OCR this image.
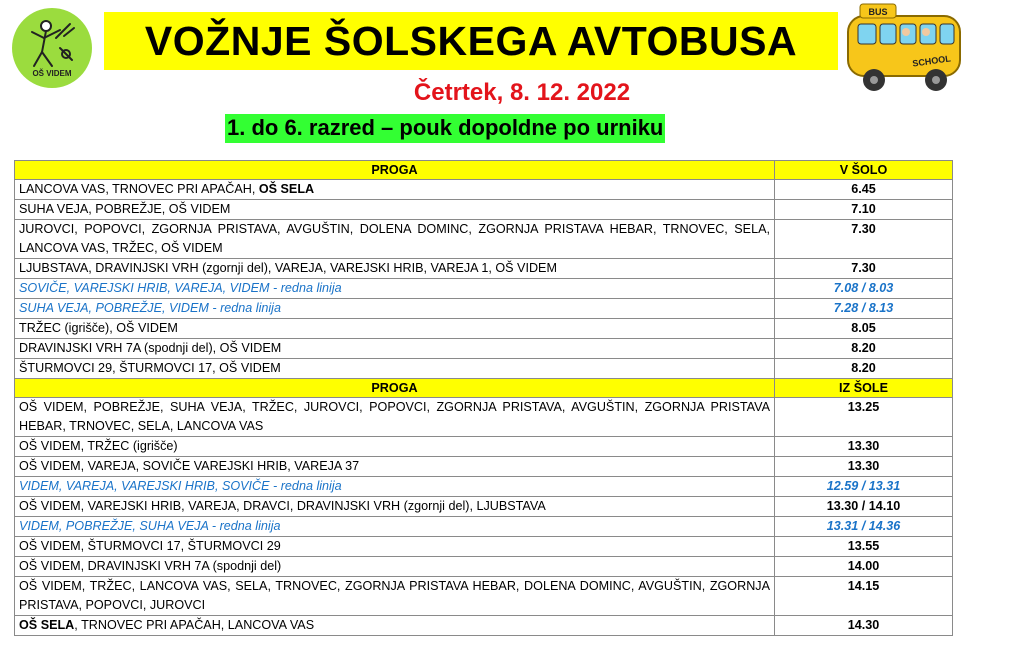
OŠ VIDEM
VOŽNJE ŠOLSKEGA AVTOBUSA
BUS
SCHOOL
Četrtek, 8. 12. 2022
1. do 6. razred – pouk dopoldne po urniku
PROGA	V ŠOLO
LANCOVA VAS, TRNOVEC PRI APAČAH, OŠ SELA	6.45
SUHA VEJA, POBREŽJE, OŠ VIDEM	7.10
JUROVCI, POPOVCI, ZGORNJA PRISTAVA, AVGUŠTIN, DOLENA DOMINC, ZGORNJA PRISTAVA HEBAR, TRNOVEC, SELA, LANCOVA VAS, TRŽEC, OŠ VIDEM	7.30
LJUBSTAVA, DRAVINJSKI VRH (zgornji del), VAREJA, VAREJSKI HRIB, VAREJA 1, OŠ VIDEM	7.30
SOVIČE, VAREJSKI HRIB, VAREJA, VIDEM - redna linija	7.08 / 8.03
SUHA VEJA, POBREŽJE, VIDEM - redna linija	7.28 / 8.13
TRŽEC (igrišče), OŠ VIDEM	8.05
DRAVINJSKI VRH 7A (spodnji del), OŠ VIDEM	8.20
ŠTURMOVCI 29, ŠTURMOVCI 17, OŠ VIDEM	8.20
PROGA	IZ ŠOLE
OŠ VIDEM, POBREŽJE, SUHA VEJA, TRŽEC, JUROVCI, POPOVCI, ZGORNJA PRISTAVA, AVGUŠTIN, ZGORNJA PRISTAVA HEBAR, TRNOVEC, SELA, LANCOVA VAS	13.25
OŠ VIDEM, TRŽEC (igrišče)	13.30
OŠ VIDEM, VAREJA, SOVIČE VAREJSKI HRIB, VAREJA 37	13.30
VIDEM, VAREJA, VAREJSKI HRIB, SOVIČE - redna linija	12.59 / 13.31
OŠ VIDEM, VAREJSKI HRIB, VAREJA, DRAVCI, DRAVINJSKI VRH (zgornji del), LJUBSTAVA	13.30 / 14.10
VIDEM, POBREŽJE, SUHA VEJA - redna linija	13.31 / 14.36
OŠ VIDEM, ŠTURMOVCI 17, ŠTURMOVCI 29	13.55
OŠ VIDEM, DRAVINJSKI VRH 7A (spodnji del)	14.00
OŠ VIDEM, TRŽEC, LANCOVA VAS, SELA, TRNOVEC, ZGORNJA PRISTAVA HEBAR, DOLENA DOMINC, AVGUŠTIN, ZGORNJA PRISTAVA, POPOVCI, JUROVCI	14.15
OŠ SELA, TRNOVEC PRI APAČAH, LANCOVA VAS	14.30
